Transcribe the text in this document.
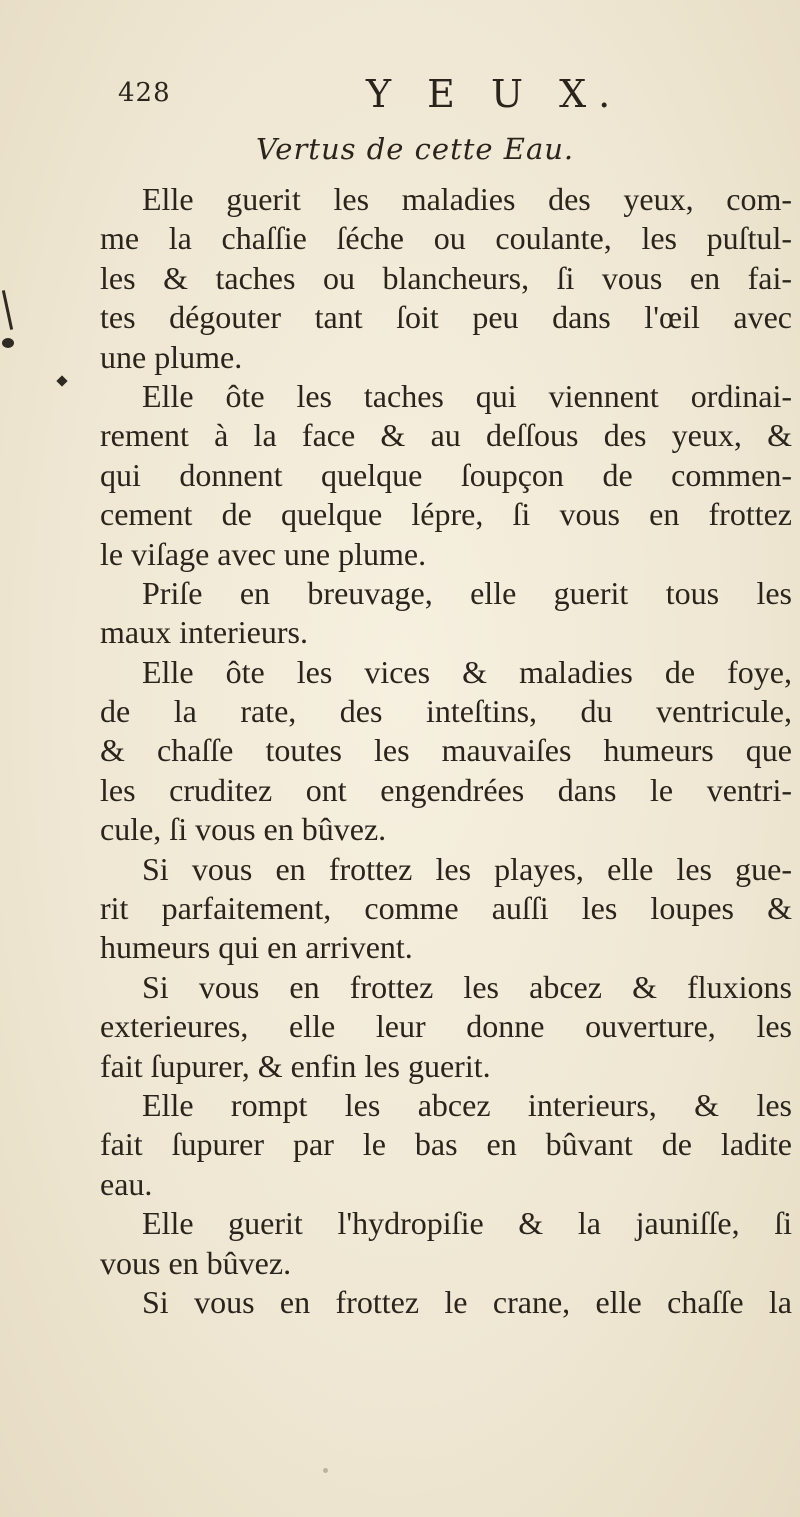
428	Y E U X.
Vertus de cette Eau.
Elle guerit les maladies des yeux, com-
me la chaſſie ſéche ou coulante, les puſtul-
les & taches ou blancheurs, ſi vous en fai-
tes dégouter tant ſoit peu dans l'œil avec
une plume.
Elle ôte les taches qui viennent ordinai-
rement à la face & au deſſous des yeux, &
qui donnent quelque ſoupçon de commen-
cement de quelque lépre, ſi vous en frottez
le viſage avec une plume.
Priſe en breuvage, elle guerit tous les
maux interieurs.
Elle ôte les vices & maladies de foye,
de la rate, des inteſtins, du ventricule,
& chaſſe toutes les mauvaiſes humeurs que
les cruditez ont engendrées dans le ventri-
cule, ſi vous en bûvez.
Si vous en frottez les playes, elle les gue-
rit parfaitement, comme auſſi les loupes &
humeurs qui en arrivent.
Si vous en frottez les abcez & fluxions
exterieures, elle leur donne ouverture, les
fait ſupurer, & enfin les guerit.
Elle rompt les abcez interieurs, & les
fait ſupurer par le bas en bûvant de ladite
eau.
Elle guerit l'hydropiſie & la jauniſſe, ſi
vous en bûvez.
Si vous en frottez le crane, elle chaſſe la
